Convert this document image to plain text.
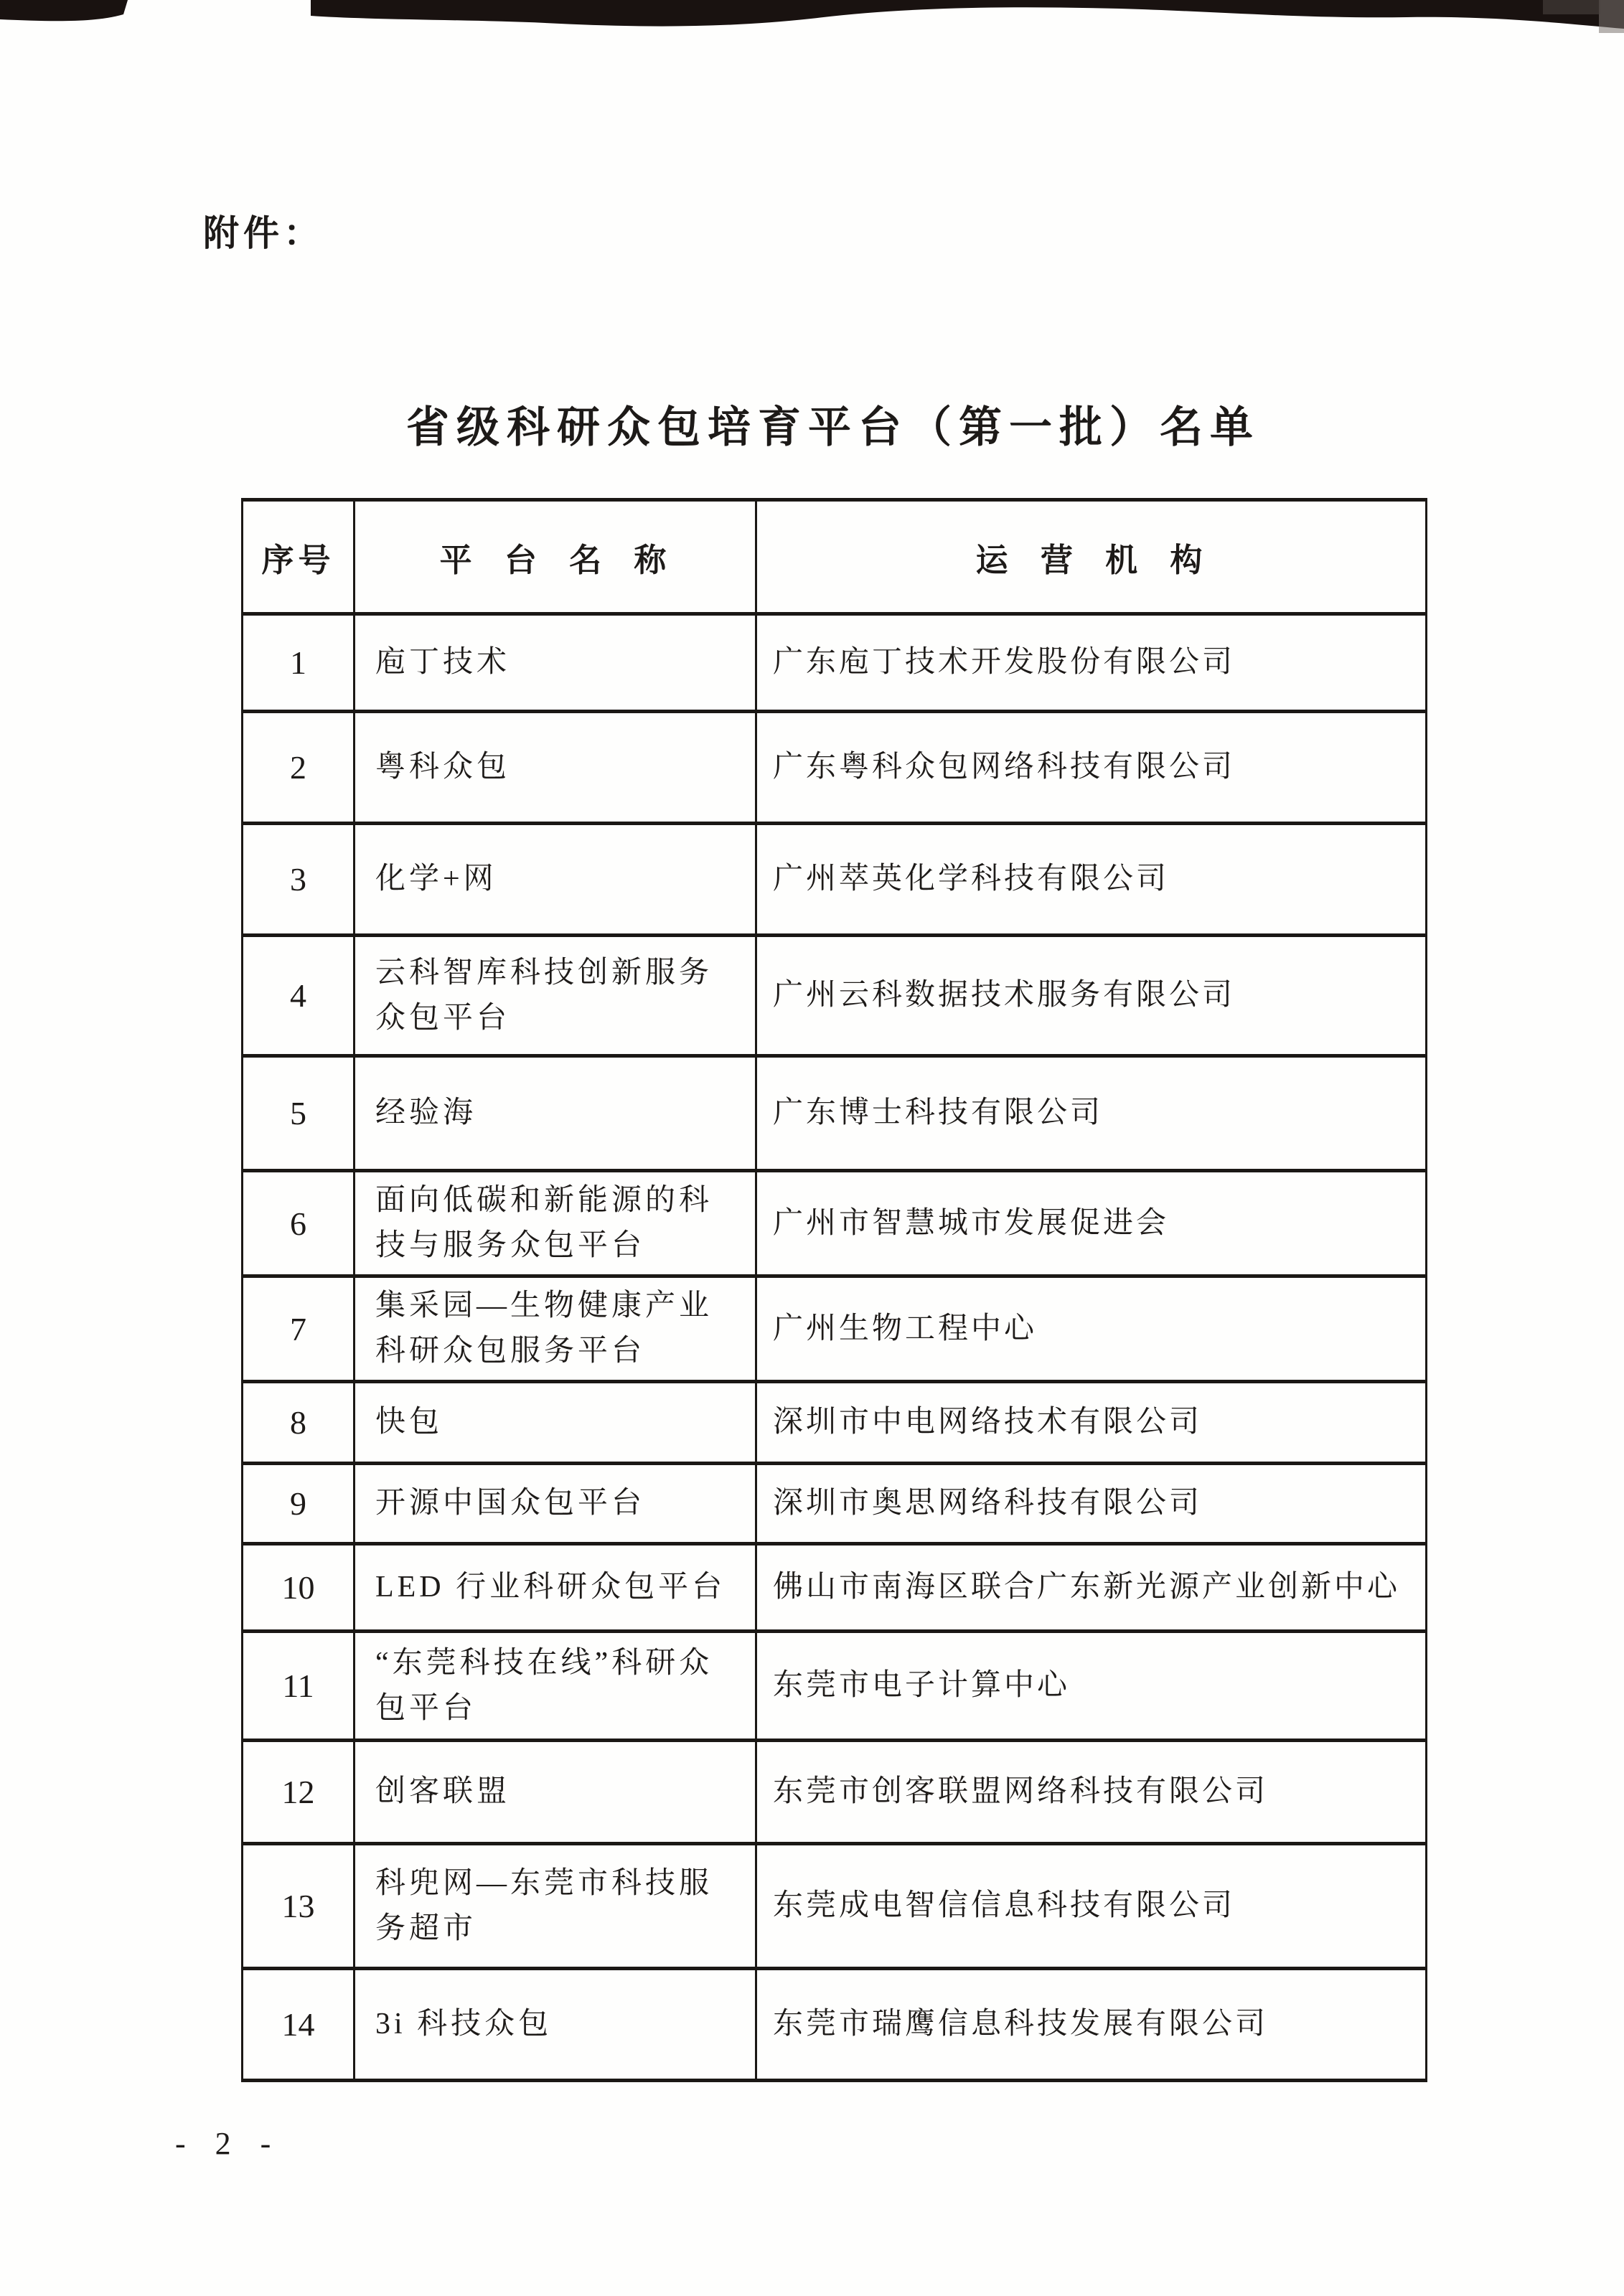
附件：
省级科研众包培育平台（第一批）名单
序号	平 台 名 称	运 营 机 构
1	庖丁技术	广东庖丁技术开发股份有限公司
2	粤科众包	广东粤科众包网络科技有限公司
3	化学+网	广州萃英化学科技有限公司
4	云科智库科技创新服务众包平台	广州云科数据技术服务有限公司
5	经验海	广东博士科技有限公司
6	面向低碳和新能源的科技与服务众包平台	广州市智慧城市发展促进会
7	集采园—生物健康产业科研众包服务平台	广州生物工程中心
8	快包	深圳市中电网络技术有限公司
9	开源中国众包平台	深圳市奥思网络科技有限公司
10	LED 行业科研众包平台	佛山市南海区联合广东新光源产业创新中心
11	“东莞科技在线”科研众包平台	东莞市电子计算中心
12	创客联盟	东莞市创客联盟网络科技有限公司
13	科兜网—东莞市科技服务超市	东莞成电智信信息科技有限公司
14	3i 科技众包	东莞市瑞鹰信息科技发展有限公司
- 2 -
